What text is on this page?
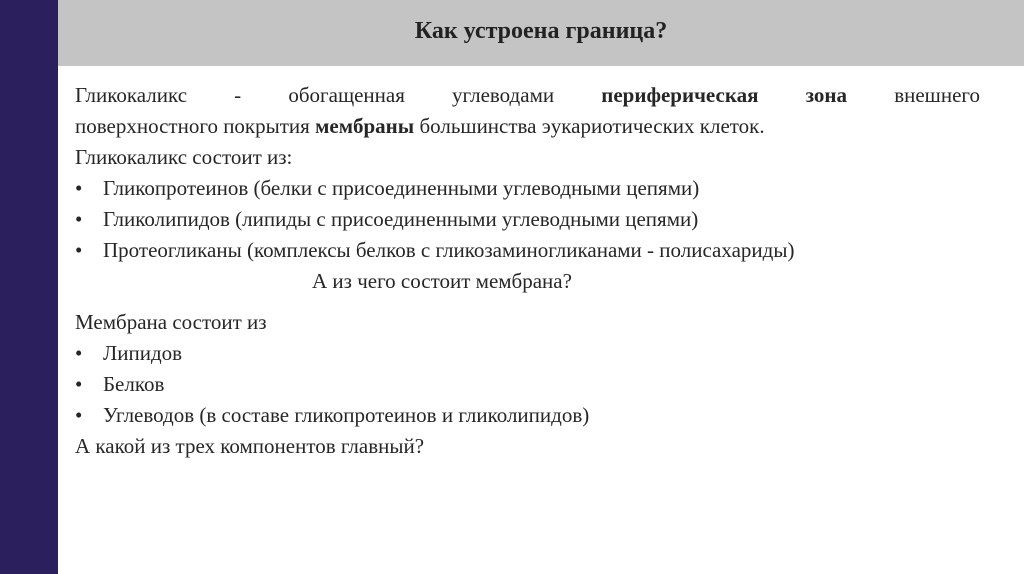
Как устроена граница?

Гликокаликс - обогащенная углеводами периферическая зона внешнего

поверхностного покрытия мембраны большинства эукариотических клеток.

Гликокаликс состоит из:

• Гликопротеинов (белки с присоединенными углеводными цепями)
• Гликолипидов (липиды с присоединенными углеводными цепями)
• Протеогликаны (комплексы белков с гликозаминогликанами - полисахариды)

А из чего состоит мембрана?

Мембрана состоит из

• Липидов
• Белков
• Углеводов (в составе гликопротеинов и гликолипидов)

А какой из трех компонентов главный?
